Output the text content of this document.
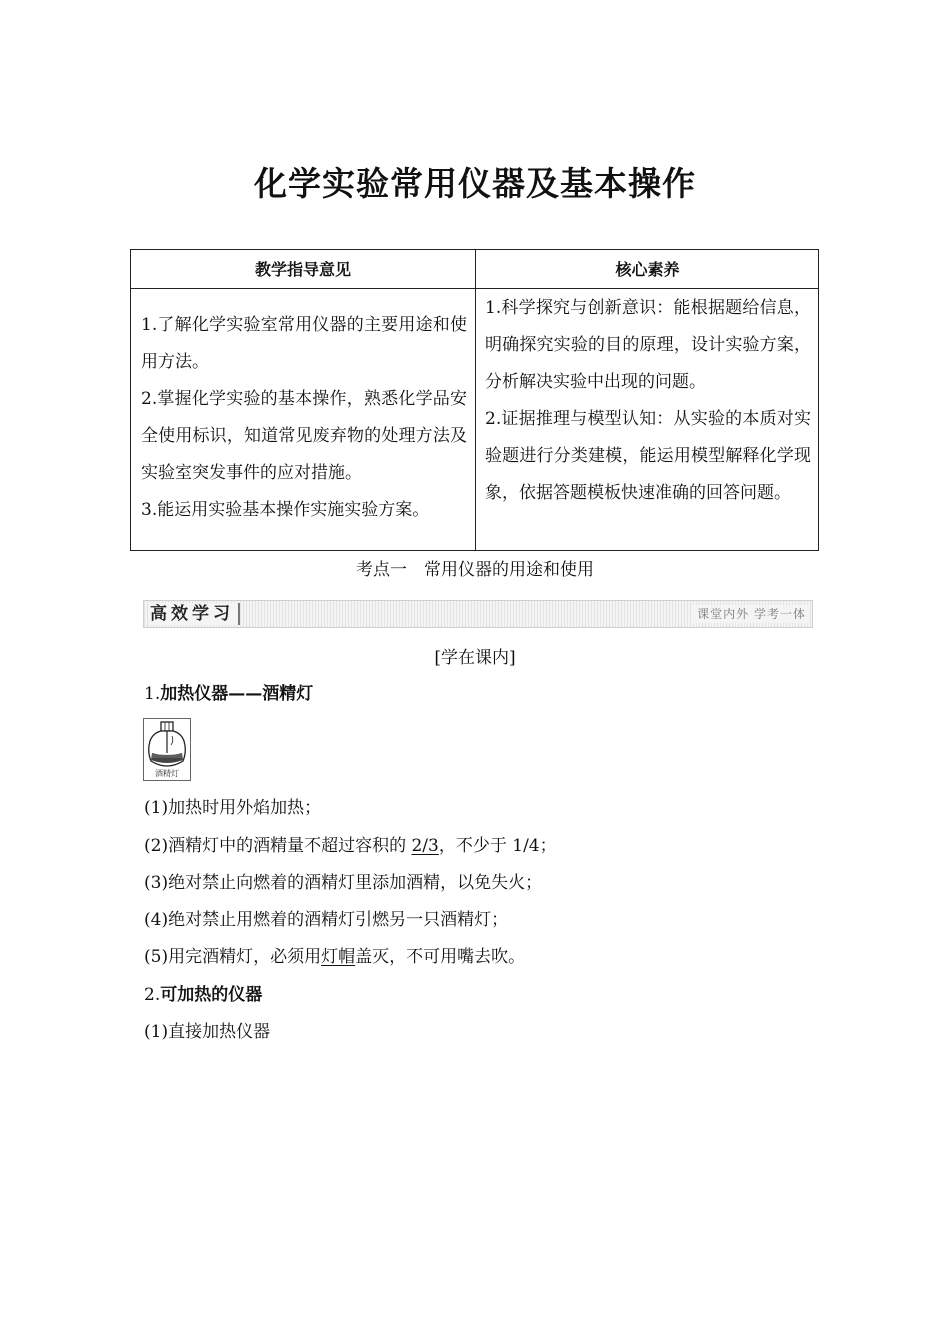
化学实验常用仪器及基本操作
教学指导意见	核心素养

1.了解化学实验室常用仪器的主要用途和使用方法。

2.掌握化学实验的基本操作，熟悉化学品安全使用标识，知道常见废弃物的处理方法及实验室突发事件的应对措施。

3.能运用实验基本操作实施实验方案。

1.科学探究与创新意识：能根据题给信息，明确探究实验的目的原理，设计实验方案，分析解决实验中出现的问题。

2.证据推理与模型认知：从实验的本质对实验题进行分类建模，能运用模型解释化学现象，依据答题模板快速准确的回答问题。

考点一　常用仪器的用途和使用
高效学习	课堂内外 学考一体
[学在课内]
1.加热仪器——酒精灯
酒精灯
(1)加热时用外焰加热；
(2)酒精灯中的酒精量不超过容积的 2/3，不少于 1/4；
(3)绝对禁止向燃着的酒精灯里添加酒精，以免失火；
(4)绝对禁止用燃着的酒精灯引燃另一只酒精灯；
(5)用完酒精灯，必须用灯帽盖灭，不可用嘴去吹。
2.可加热的仪器
(1)直接加热仪器
